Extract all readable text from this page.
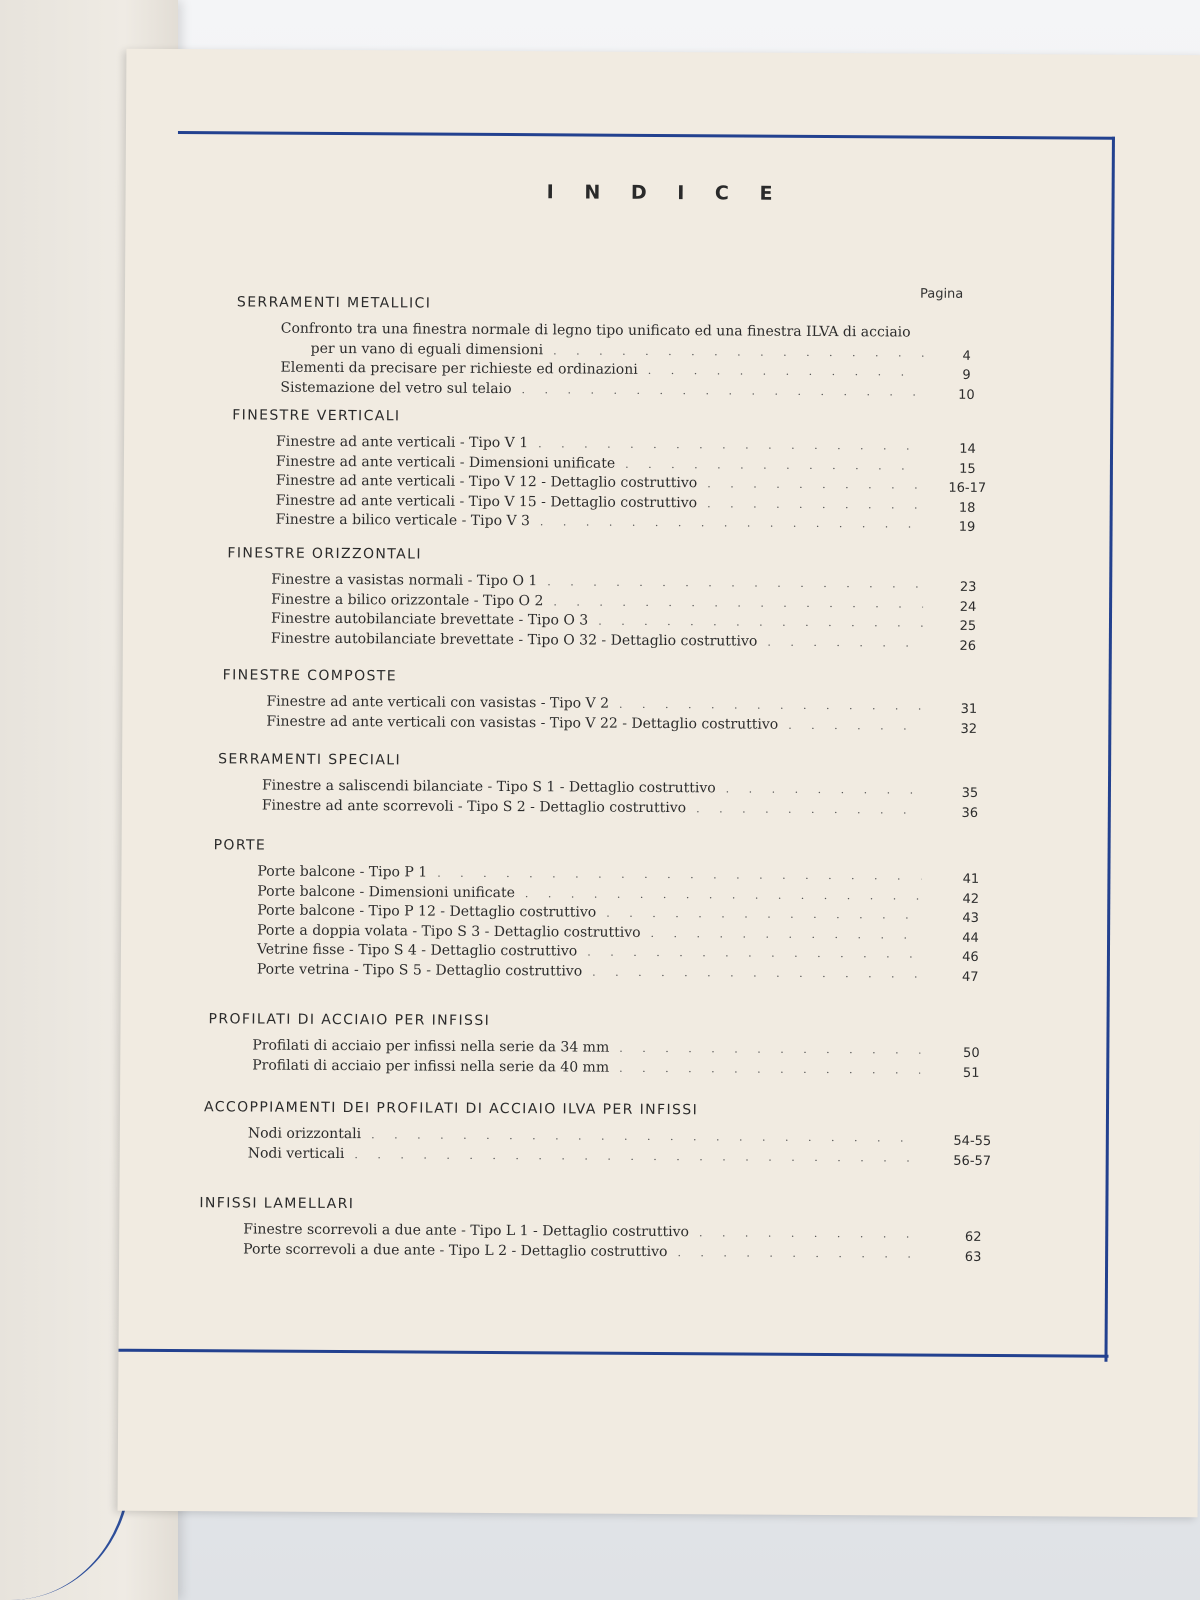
I N D I C E
Pagina
SERRAMENTI METALLICI
Confronto tra una finestra normale di legno tipo unificato ed una finestra ILVA di acciaio
per un vano di eguali dimensioni . . .	4
Elementi da precisare per richieste ed ordinazioni . . .	9
Sistemazione del vetro sul telaio . . .	10
FINESTRE VERTICALI
Finestre ad ante verticali - Tipo V 1 . . .	14
Finestre ad ante verticali - Dimensioni unificate . . .	15
Finestre ad ante verticali - Tipo V 12 - Dettaglio costruttivo . . .	16-17
Finestre ad ante verticali - Tipo V 15 - Dettaglio costruttivo . . .	18
Finestre a bilico verticale - Tipo V 3 . . .	19
FINESTRE ORIZZONTALI
Finestre a vasistas normali - Tipo O 1 . . .	23
Finestre a bilico orizzontale - Tipo O 2 . . .	24
Finestre autobilanciate brevettate - Tipo O 3 . . .	25
Finestre autobilanciate brevettate - Tipo O 32 - Dettaglio costruttivo . . .	26
FINESTRE COMPOSTE
Finestre ad ante verticali con vasistas - Tipo V 2 . . .	31
Finestre ad ante verticali con vasistas - Tipo V 22 - Dettaglio costruttivo . . .	32
SERRAMENTI SPECIALI
Finestre a saliscendi bilanciate - Tipo S 1 - Dettaglio costruttivo . . .	35
Finestre ad ante scorrevoli - Tipo S 2 - Dettaglio costruttivo . . .	36
PORTE
Porte balcone - Tipo P 1 . . .	41
Porte balcone - Dimensioni unificate . . .	42
Porte balcone - Tipo P 12 - Dettaglio costruttivo . . .	43
Porte a doppia volata - Tipo S 3 - Dettaglio costruttivo . . .	44
Vetrine fisse - Tipo S 4 - Dettaglio costruttivo . . .	46
Porte vetrina - Tipo S 5 - Dettaglio costruttivo . . .	47
PROFILATI DI ACCIAIO PER INFISSI
Profilati di acciaio per infissi nella serie da 34 mm . . .	50
Profilati di acciaio per infissi nella serie da 40 mm . . .	51
ACCOPPIAMENTI DEI PROFILATI DI ACCIAIO ILVA PER INFISSI
Nodi orizzontali . . .	54-55
Nodi verticali . . .	56-57
INFISSI LAMELLARI
Finestre scorrevoli a due ante - Tipo L 1 - Dettaglio costruttivo . . .	62
Porte scorrevoli a due ante - Tipo L 2 - Dettaglio costruttivo . . .	63
